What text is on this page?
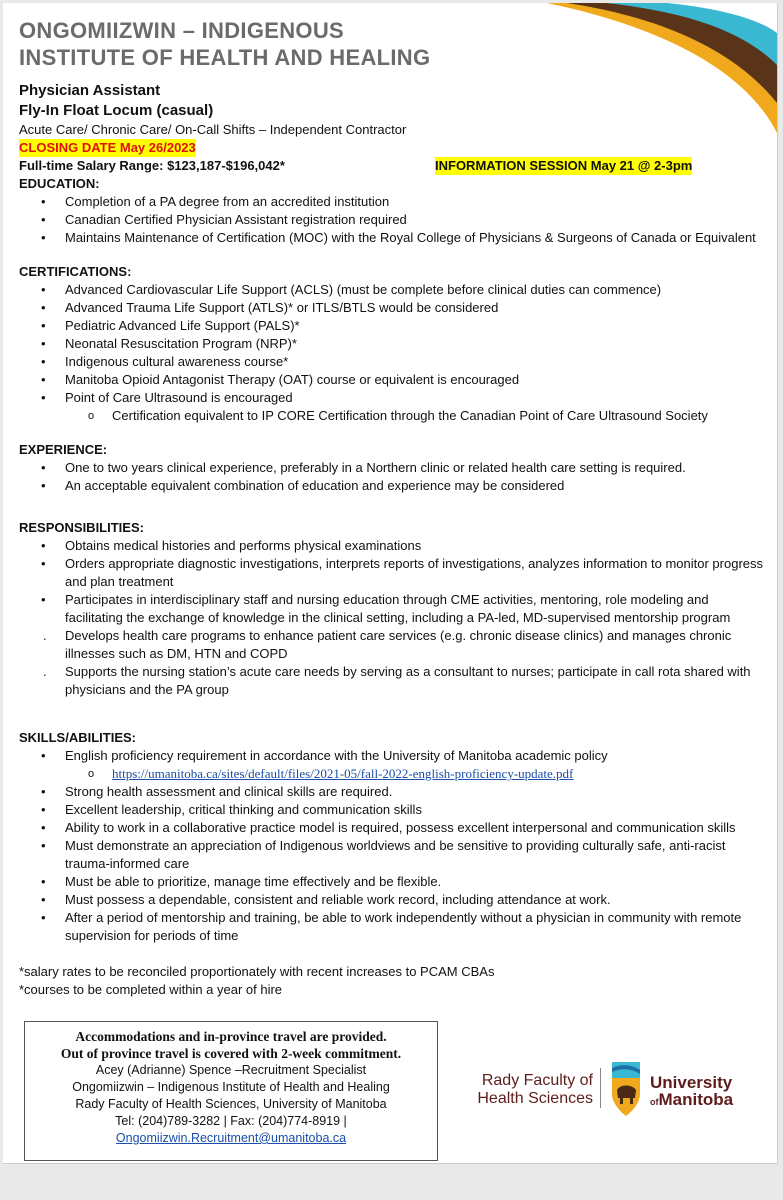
ONGOMIIZWIN – INDIGENOUS
INSTITUTE OF HEALTH AND HEALING
Physician Assistant
Fly-In Float Locum (casual)
Acute Care/ Chronic Care/ On-Call Shifts – Independent Contractor
CLOSING DATE May 26/2023
Full-time Salary Range: $123,187-$196,042*	INFORMATION SESSION May 21 @ 2-3pm
EDUCATION:
• Completion of a PA degree from an accredited institution
• Canadian Certified Physician Assistant registration required
• Maintains Maintenance of Certification (MOC) with the Royal College of Physicians & Surgeons of Canada or Equivalent
CERTIFICATIONS:
• Advanced Cardiovascular Life Support (ACLS) (must be complete before clinical duties can commence)
• Advanced Trauma Life Support (ATLS)* or ITLS/BTLS would be considered
• Pediatric Advanced Life Support (PALS)*
• Neonatal Resuscitation Program (NRP)*
• Indigenous cultural awareness course*
• Manitoba Opioid Antagonist Therapy (OAT) course or equivalent is encouraged
• Point of Care Ultrasound is encouraged
o Certification equivalent to IP CORE Certification through the Canadian Point of Care Ultrasound Society
EXPERIENCE:
• One to two years clinical experience, preferably in a Northern clinic or related health care setting is required.
• An acceptable equivalent combination of education and experience may be considered
RESPONSIBILITIES:
• Obtains medical histories and performs physical examinations
• Orders appropriate diagnostic investigations, interprets reports of investigations, analyzes information to monitor progress and plan treatment
• Participates in interdisciplinary staff and nursing education through CME activities, mentoring, role modeling and facilitating the exchange of knowledge in the clinical setting, including a PA-led, MD-supervised mentorship program
. Develops health care programs to enhance patient care services (e.g. chronic disease clinics) and manages chronic illnesses such as DM, HTN and COPD
. Supports the nursing station’s acute care needs by serving as a consultant to nurses; participate in call rota shared with physicians and the PA group
SKILLS/ABILITIES:
• English proficiency requirement in accordance with the University of Manitoba academic policy
o https://umanitoba.ca/sites/default/files/2021-05/fall-2022-english-proficiency-update.pdf
• Strong health assessment and clinical skills are required.
• Excellent leadership, critical thinking and communication skills
• Ability to work in a collaborative practice model is required, possess excellent interpersonal and communication skills
• Must demonstrate an appreciation of Indigenous worldviews and be sensitive to providing culturally safe, anti-racist trauma-informed care
• Must be able to prioritize, manage time effectively and be flexible.
• Must possess a dependable, consistent and reliable work record, including attendance at work.
• After a period of mentorship and training, be able to work independently without a physician in community with remote supervision for periods of time
*salary rates to be reconciled proportionately with recent increases to PCAM CBAs
*courses to be completed within a year of hire
Accommodations and in-province travel are provided.
Out of province travel is covered with 2-week commitment.
Acey (Adrianne) Spence –Recruitment Specialist
Ongomiizwin – Indigenous Institute of Health and Healing
Rady Faculty of Health Sciences, University of Manitoba
Tel: (204)789-3282 | Fax: (204)774-8919 |
Ongomiizwin.Recruitment@umanitoba.ca
Rady Faculty of
Health Sciences
University
ofManitoba
